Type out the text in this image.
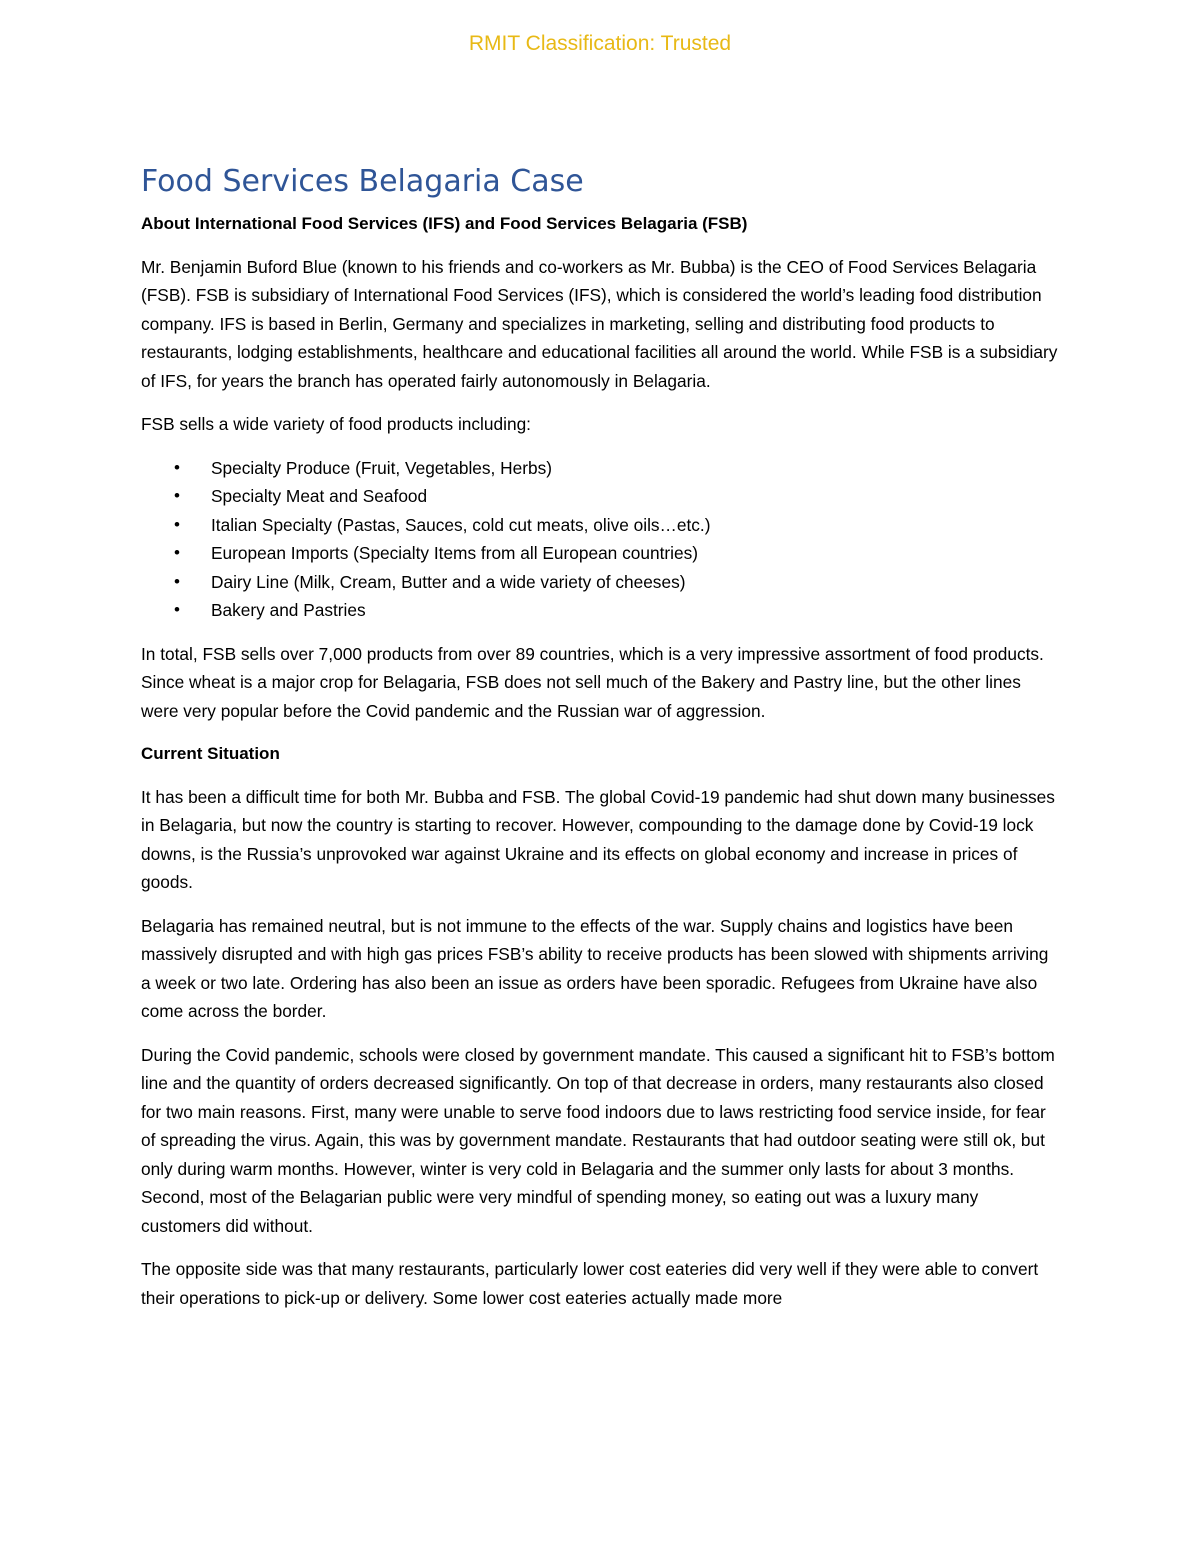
RMIT Classification: Trusted
Food Services Belagaria Case
About International Food Services (IFS) and Food Services Belagaria (FSB)

Mr. Benjamin Buford Blue (known to his friends and co-workers as Mr. Bubba) is the CEO of Food Services Belagaria (FSB). FSB is subsidiary of International Food Services (IFS), which is considered the world’s leading food distribution company. IFS is based in Berlin, Germany and specializes in marketing, selling and distributing food products to restaurants, lodging establishments, healthcare and educational facilities all around the world. While FSB is a subsidiary of IFS, for years the branch has operated fairly autonomously in Belagaria.

FSB sells a wide variety of food products including:

• Specialty Produce (Fruit, Vegetables, Herbs)
• Specialty Meat and Seafood
• Italian Specialty (Pastas, Sauces, cold cut meats, olive oils…etc.)
• European Imports (Specialty Items from all European countries)
• Dairy Line (Milk, Cream, Butter and a wide variety of cheeses)
• Bakery and Pastries

In total, FSB sells over 7,000 products from over 89 countries, which is a very impressive assortment of food products. Since wheat is a major crop for Belagaria, FSB does not sell much of the Bakery and Pastry line, but the other lines were very popular before the Covid pandemic and the Russian war of aggression.

Current Situation

It has been a difficult time for both Mr. Bubba and FSB. The global Covid-19 pandemic had shut down many businesses in Belagaria, but now the country is starting to recover. However, compounding to the damage done by Covid-19 lock downs, is the Russia’s unprovoked war against Ukraine and its effects on global economy and increase in prices of goods.

Belagaria has remained neutral, but is not immune to the effects of the war. Supply chains and logistics have been massively disrupted and with high gas prices FSB’s ability to receive products has been slowed with shipments arriving a week or two late. Ordering has also been an issue as orders have been sporadic. Refugees from Ukraine have also come across the border.

During the Covid pandemic, schools were closed by government mandate. This caused a significant hit to FSB’s bottom line and the quantity of orders decreased significantly. On top of that decrease in orders, many restaurants also closed for two main reasons. First, many were unable to serve food indoors due to laws restricting food service inside, for fear of spreading the virus. Again, this was by government mandate. Restaurants that had outdoor seating were still ok, but only during warm months. However, winter is very cold in Belagaria and the summer only lasts for about 3 months. Second, most of the Belagarian public were very mindful of spending money, so eating out was a luxury many customers did without.

The opposite side was that many restaurants, particularly lower cost eateries did very well if they were able to convert their operations to pick-up or delivery. Some lower cost eateries actually made more
